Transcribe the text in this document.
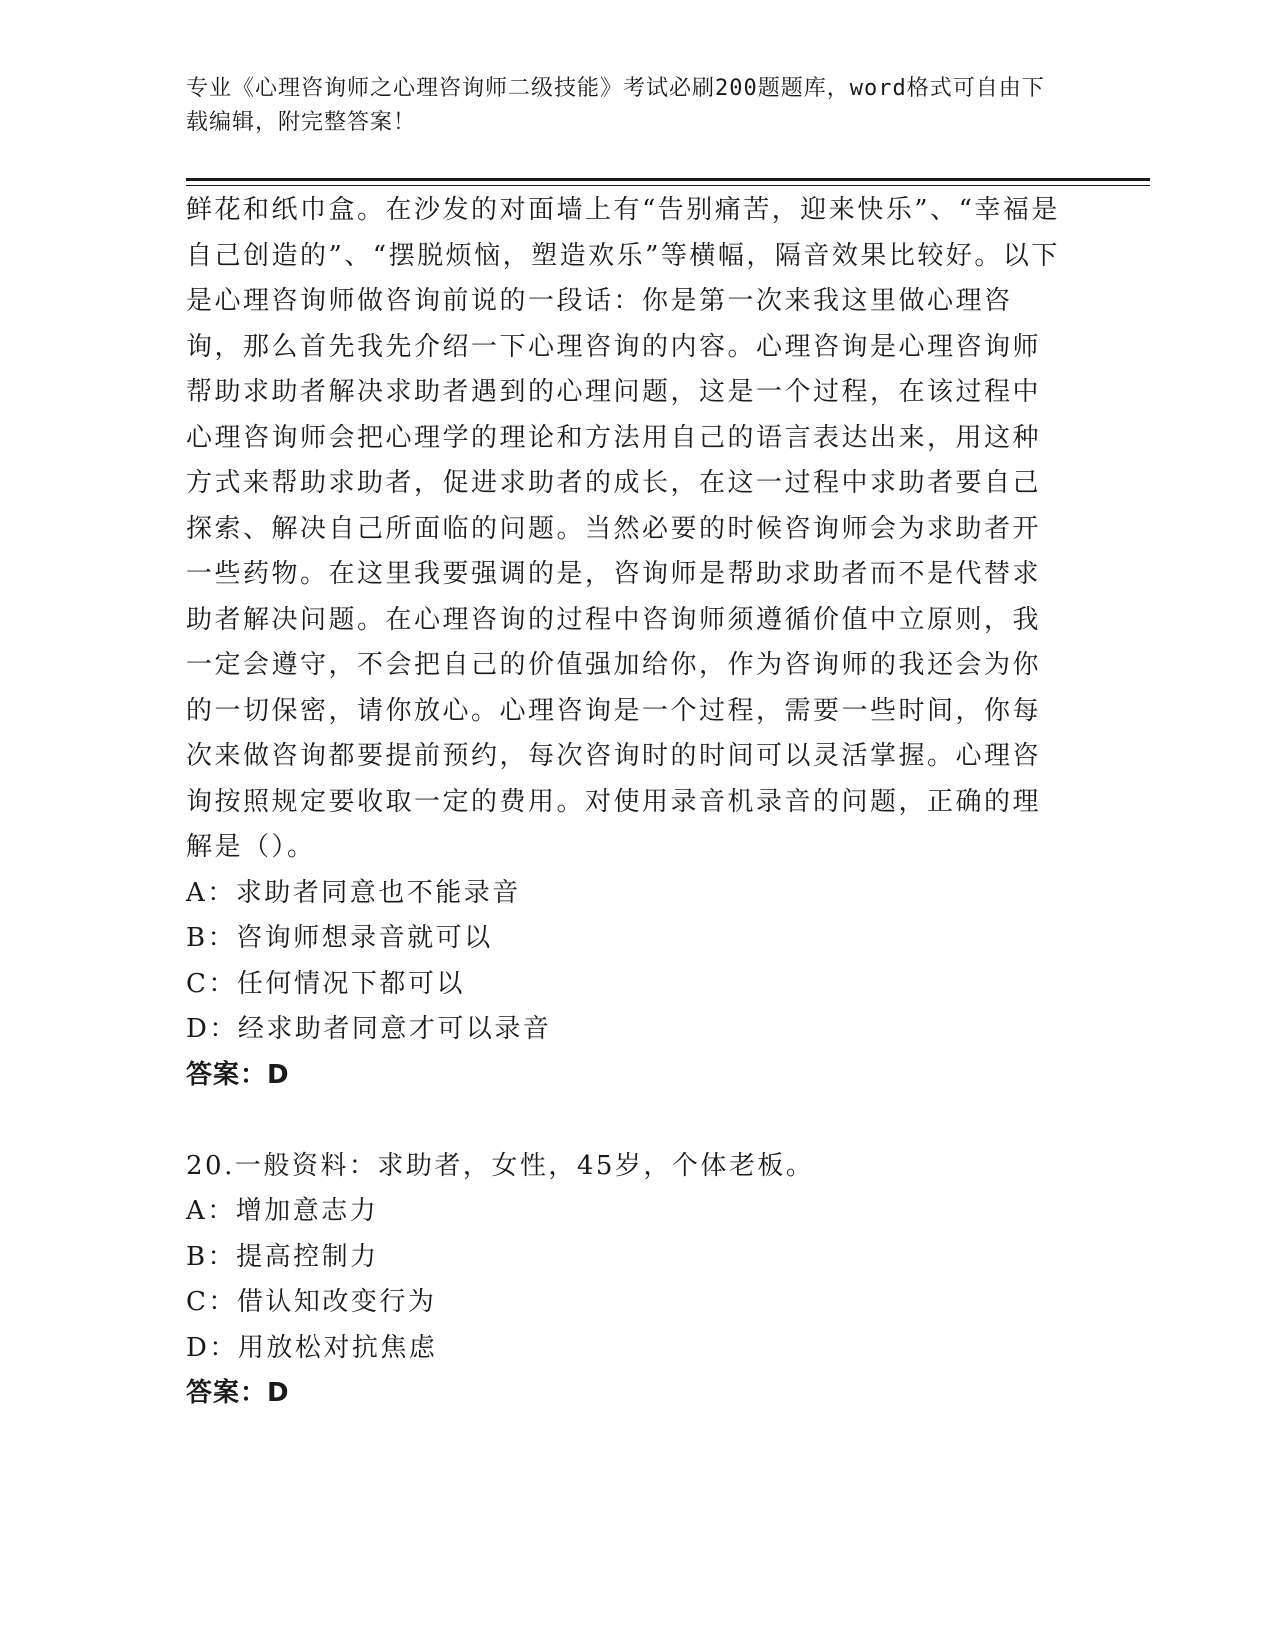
专业《心理咨询师之心理咨询师二级技能》考试必刷200题题库，word格式可自由下载编辑，附完整答案！

鲜花和纸巾盒。在沙发的对面墙上有“告别痛苦，迎来快乐”、“幸福是自己创造的”、“摆脱烦恼，塑造欢乐”等横幅，隔音效果比较好。以下是心理咨询师做咨询前说的一段话：你是第一次来我这里做心理咨询，那么首先我先介绍一下心理咨询的内容。心理咨询是心理咨询师帮助求助者解决求助者遇到的心理问题，这是一个过程，在该过程中心理咨询师会把心理学的理论和方法用自己的语言表达出来，用这种方式来帮助求助者，促进求助者的成长，在这一过程中求助者要自己探索、解决自己所面临的问题。当然必要的时候咨询师会为求助者开一些药物。在这里我要强调的是，咨询师是帮助求助者而不是代替求助者解决问题。在心理咨询的过程中咨询师须遵循价值中立原则，我一定会遵守，不会把自己的价值强加给你，作为咨询师的我还会为你的一切保密，请你放心。心理咨询是一个过程，需要一些时间，你每次来做咨询都要提前预约，每次咨询时的时间可以灵活掌握。心理咨询按照规定要收取一定的费用。对使用录音机录音的问题，正确的理解是（）。

A：求助者同意也不能录音

B：咨询师想录音就可以

C：任何情况下都可以

D：经求助者同意才可以录音

答案：D

20.一般资料：求助者，女性，45岁，个体老板。

A：增加意志力

B：提高控制力

C：借认知改变行为

D：用放松对抗焦虑

答案：D
